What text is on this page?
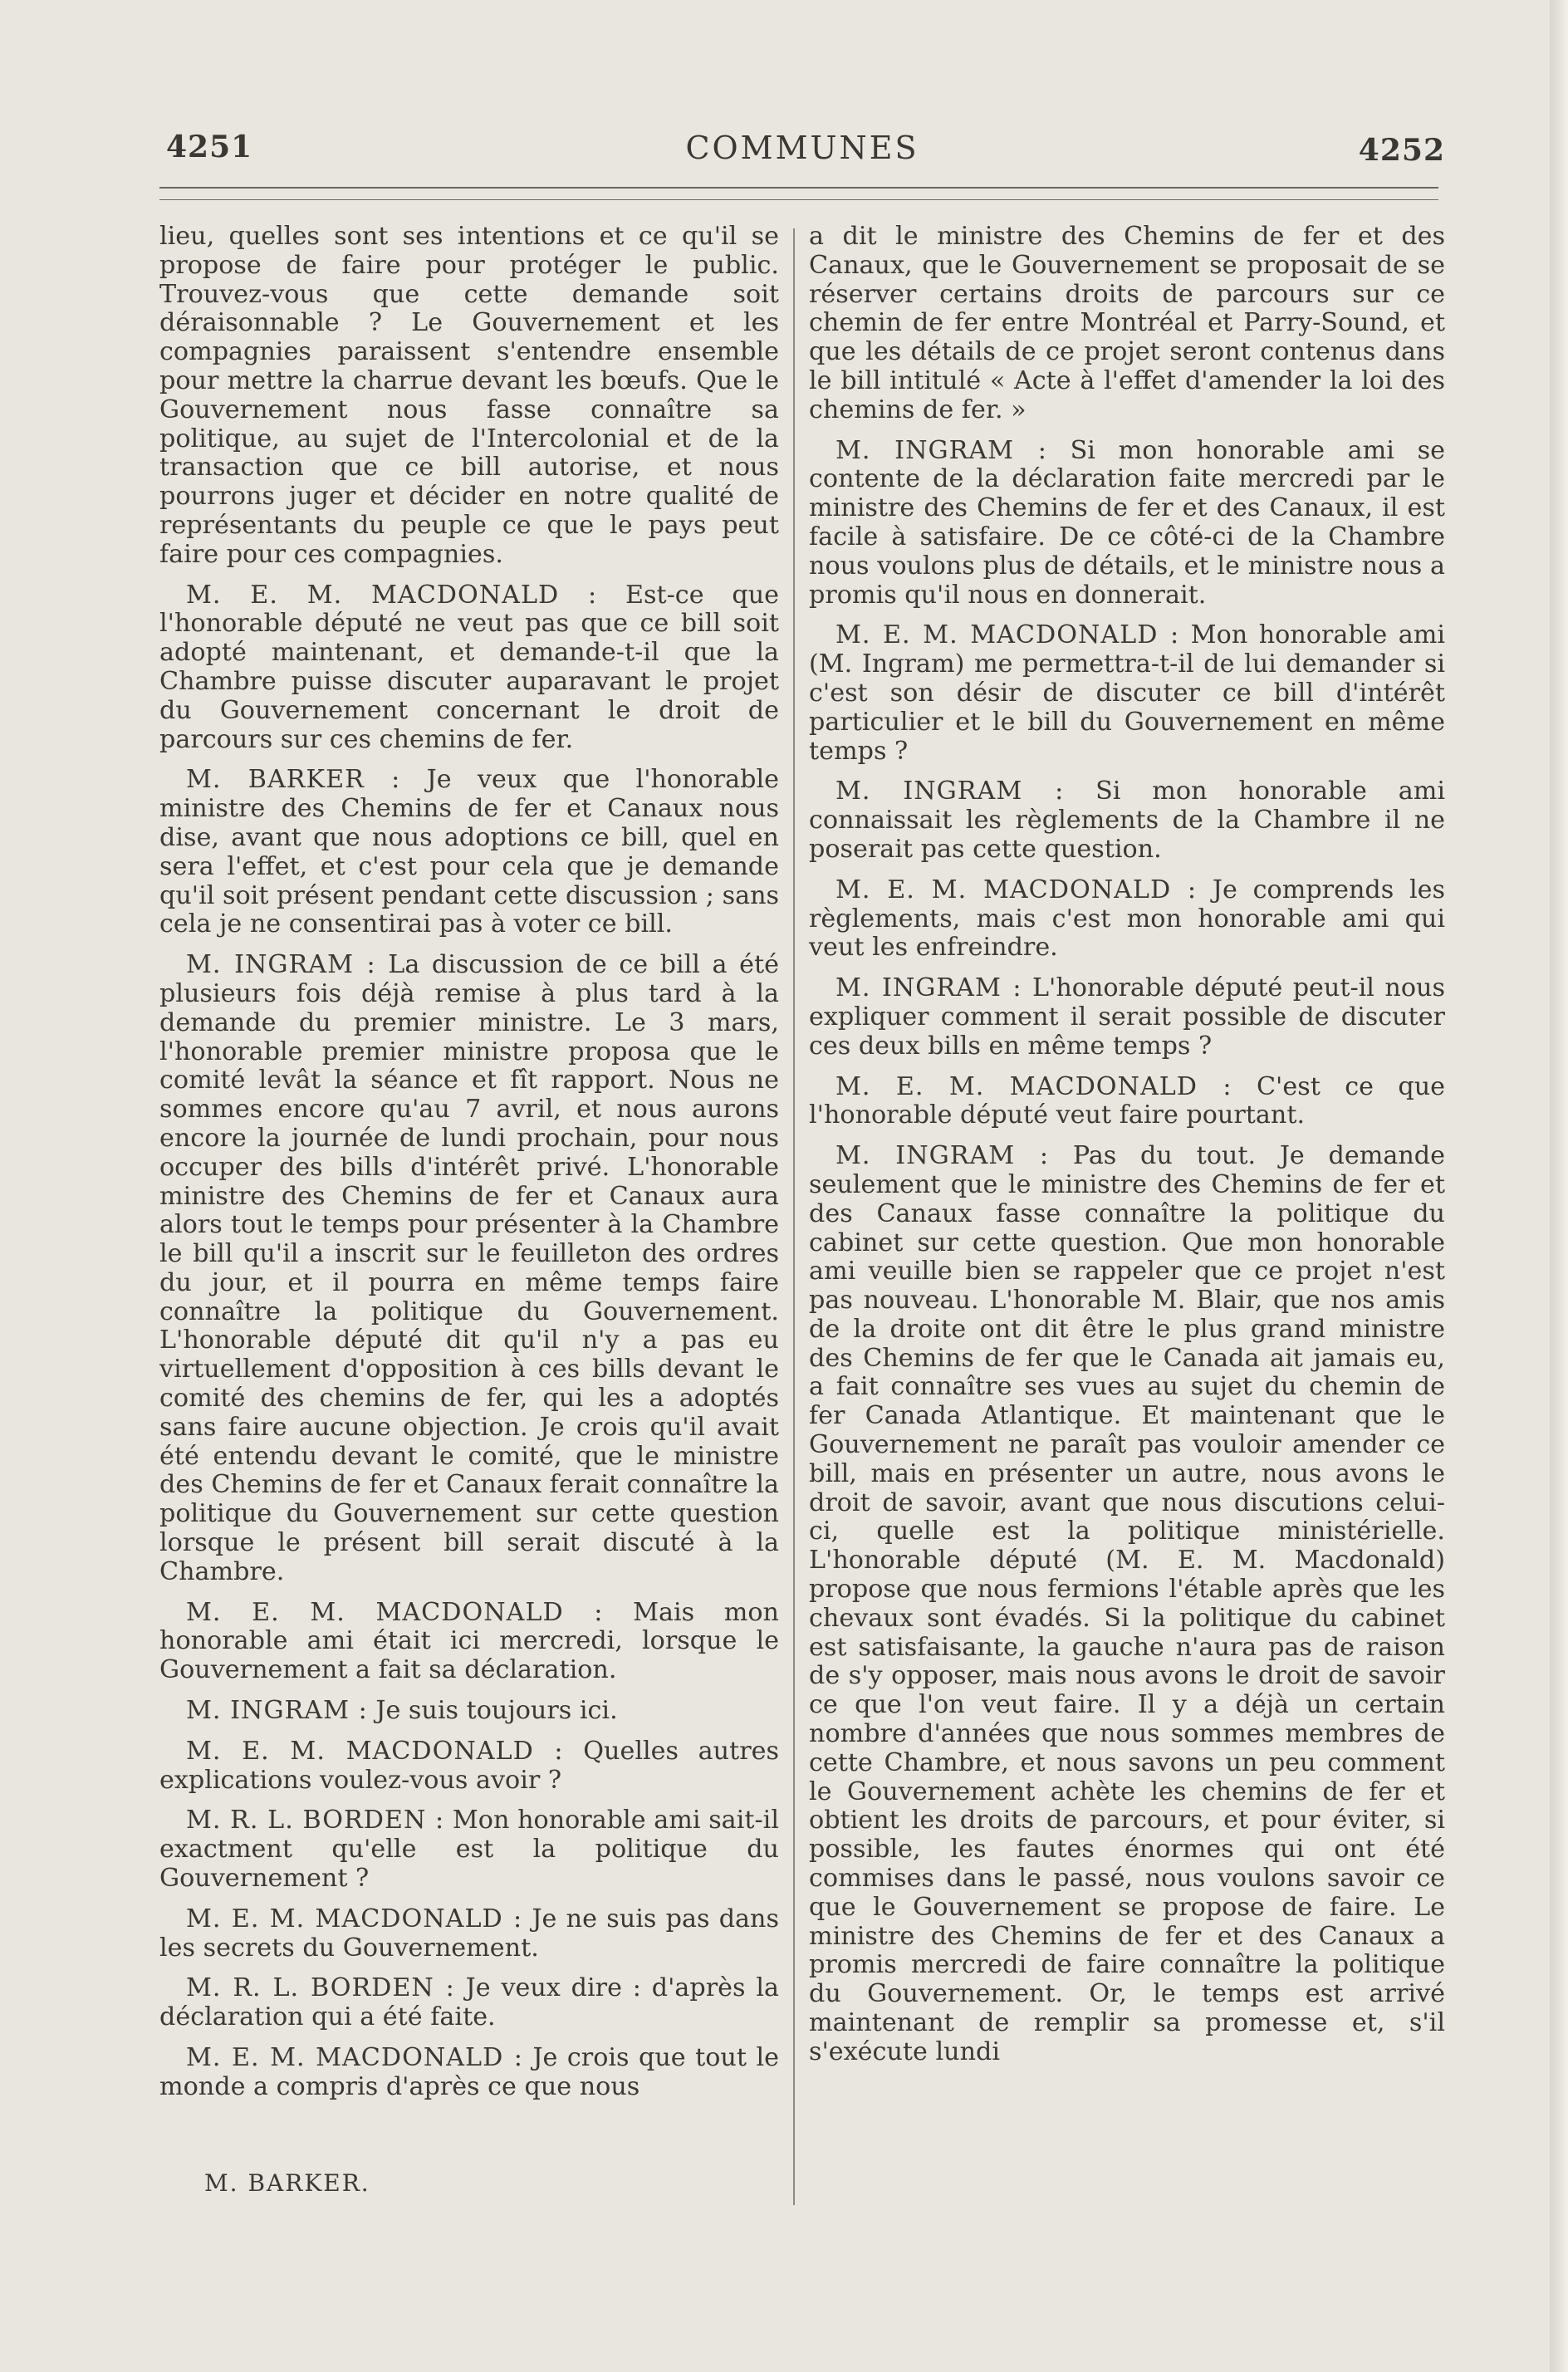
4251	COMMUNES	4252

lieu, quelles sont ses intentions et ce qu'il se propose de faire pour protéger le public. Trouvez-vous que cette demande soit déraisonnable ? Le Gouvernement et les compagnies paraissent s'entendre ensemble pour mettre la charrue devant les bœufs. Que le Gouvernement nous fasse connaître sa politique, au sujet de l'Intercolonial et de la transaction que ce bill autorise, et nous pourrons juger et décider en notre qualité de représentants du peuple ce que le pays peut faire pour ces compagnies.

M. E. M. MACDONALD : Est-ce que l'honorable député ne veut pas que ce bill soit adopté maintenant, et demande-t-il que la Chambre puisse discuter auparavant le projet du Gouvernement concernant le droit de parcours sur ces chemins de fer.

M. BARKER : Je veux que l'honorable ministre des Chemins de fer et Canaux nous dise, avant que nous adoptions ce bill, quel en sera l'effet, et c'est pour cela que je demande qu'il soit présent pendant cette discussion ; sans cela je ne consentirai pas à voter ce bill.

M. INGRAM : La discussion de ce bill a été plusieurs fois déjà remise à plus tard à la demande du premier ministre. Le 3 mars, l'honorable premier ministre proposa que le comité levât la séance et fît rapport. Nous ne sommes encore qu'au 7 avril, et nous aurons encore la journée de lundi prochain, pour nous occuper des bills d'intérêt privé. L'honorable ministre des Chemins de fer et Canaux aura alors tout le temps pour présenter à la Chambre le bill qu'il a inscrit sur le feuilleton des ordres du jour, et il pourra en même temps faire connaître la politique du Gouvernement. L'honorable député dit qu'il n'y a pas eu virtuellement d'opposition à ces bills devant le comité des chemins de fer, qui les a adoptés sans faire aucune objection. Je crois qu'il avait été entendu devant le comité, que le ministre des Chemins de fer et Canaux ferait connaître la politique du Gouvernement sur cette question lorsque le présent bill serait discuté à la Chambre.

M. E. M. MACDONALD : Mais mon honorable ami était ici mercredi, lorsque le Gouvernement a fait sa déclaration.

M. INGRAM : Je suis toujours ici.

M. E. M. MACDONALD : Quelles autres explications voulez-vous avoir ?

M. R. L. BORDEN : Mon honorable ami sait-il exactment qu'elle est la politique du Gouvernement ?

M. E. M. MACDONALD : Je ne suis pas dans les secrets du Gouvernement.

M. R. L. BORDEN : Je veux dire : d'après la déclaration qui a été faite.

M. E. M. MACDONALD : Je crois que tout le monde a compris d'après ce que nous

a dit le ministre des Chemins de fer et des Canaux, que le Gouvernement se proposait de se réserver certains droits de parcours sur ce chemin de fer entre Montréal et Parry-Sound, et que les détails de ce projet seront contenus dans le bill intitulé « Acte à l'effet d'amender la loi des chemins de fer. »

M. INGRAM : Si mon honorable ami se contente de la déclaration faite mercredi par le ministre des Chemins de fer et des Canaux, il est facile à satisfaire. De ce côté-ci de la Chambre nous voulons plus de détails, et le ministre nous a promis qu'il nous en donnerait.

M. E. M. MACDONALD : Mon honorable ami (M. Ingram) me permettra-t-il de lui demander si c'est son désir de discuter ce bill d'intérêt particulier et le bill du Gouvernement en même temps ?

M. INGRAM : Si mon honorable ami connaissait les règlements de la Chambre il ne poserait pas cette question.

M. E. M. MACDONALD : Je comprends les règlements, mais c'est mon honorable ami qui veut les enfreindre.

M. INGRAM : L'honorable député peut-il nous expliquer comment il serait possible de discuter ces deux bills en même temps ?

M. E. M. MACDONALD : C'est ce que l'honorable député veut faire pourtant.

M. INGRAM : Pas du tout. Je demande seulement que le ministre des Chemins de fer et des Canaux fasse connaître la politique du cabinet sur cette question. Que mon honorable ami veuille bien se rappeler que ce projet n'est pas nouveau. L'honorable M. Blair, que nos amis de la droite ont dit être le plus grand ministre des Chemins de fer que le Canada ait jamais eu, a fait connaître ses vues au sujet du chemin de fer Canada Atlantique. Et maintenant que le Gouvernement ne paraît pas vouloir amender ce bill, mais en présenter un autre, nous avons le droit de savoir, avant que nous discutions celui-ci, quelle est la politique ministérielle. L'honorable député (M. E. M. Macdonald) propose que nous fermions l'étable après que les chevaux sont évadés. Si la politique du cabinet est satisfaisante, la gauche n'aura pas de raison de s'y opposer, mais nous avons le droit de savoir ce que l'on veut faire. Il y a déjà un certain nombre d'années que nous sommes membres de cette Chambre, et nous savons un peu comment le Gouvernement achète les chemins de fer et obtient les droits de parcours, et pour éviter, si possible, les fautes énormes qui ont été commises dans le passé, nous voulons savoir ce que le Gouvernement se propose de faire. Le ministre des Chemins de fer et des Canaux a promis mercredi de faire connaître la politique du Gouvernement. Or, le temps est arrivé maintenant de remplir sa promesse et, s'il s'exécute lundi

M. BARKER.
